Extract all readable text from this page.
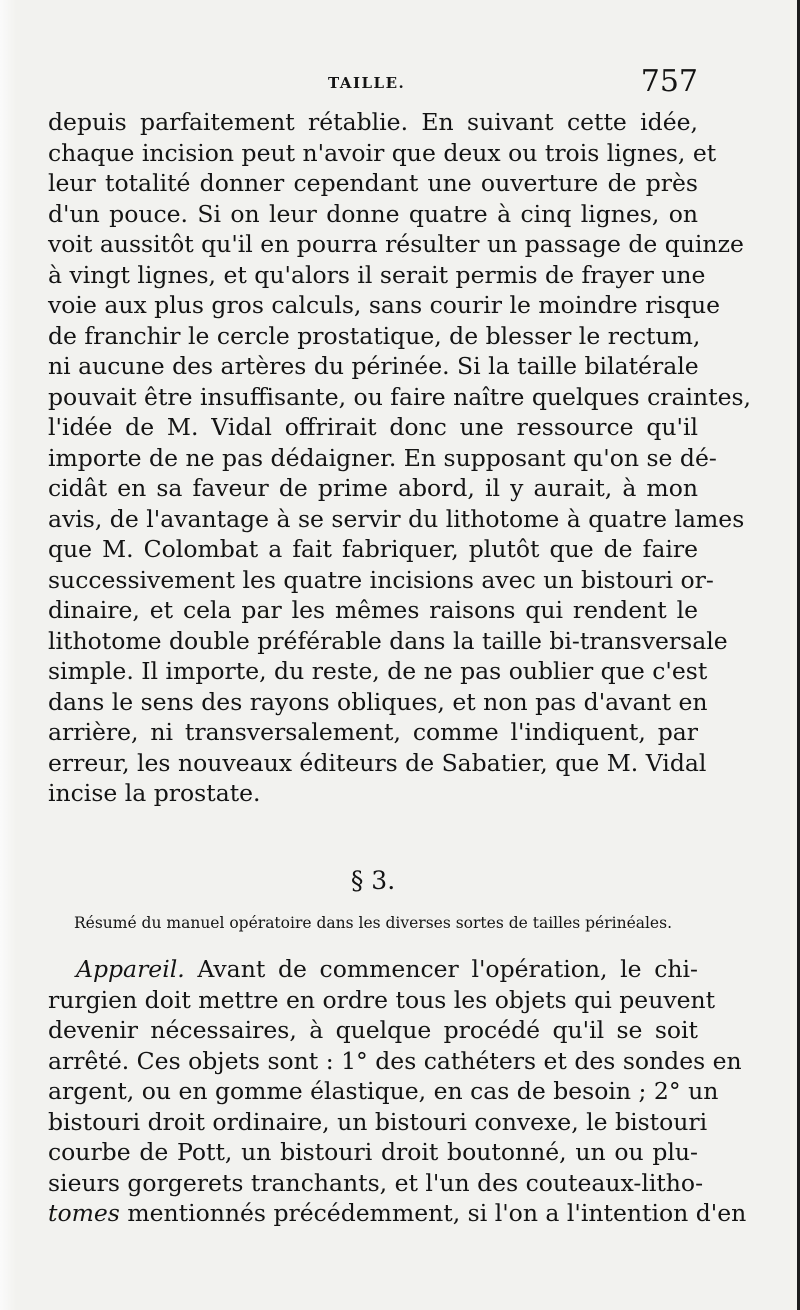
TAILLE.	757
depuis parfaitement rétablie. En suivant cette idée,
chaque incision peut n'avoir que deux ou trois lignes, et
leur totalité donner cependant une ouverture de près
d'un pouce. Si on leur donne quatre à cinq lignes, on
voit aussitôt qu'il en pourra résulter un passage de quinze
à vingt lignes, et qu'alors il serait permis de frayer une
voie aux plus gros calculs, sans courir le moindre risque
de franchir le cercle prostatique, de blesser le rectum,
ni aucune des artères du périnée. Si la taille bilatérale
pouvait être insuffisante, ou faire naître quelques craintes,
l'idée de M. Vidal offrirait donc une ressource qu'il
importe de ne pas dédaigner. En supposant qu'on se dé-
cidât en sa faveur de prime abord, il y aurait, à mon
avis, de l'avantage à se servir du lithotome à quatre lames
que M. Colombat a fait fabriquer, plutôt que de faire
successivement les quatre incisions avec un bistouri or-
dinaire, et cela par les mêmes raisons qui rendent le
lithotome double préférable dans la taille bi-transversale
simple. Il importe, du reste, de ne pas oublier que c'est
dans le sens des rayons obliques, et non pas d'avant en
arrière, ni transversalement, comme l'indiquent, par
erreur, les nouveaux éditeurs de Sabatier, que M. Vidal
incise la prostate.
§ 3.
Résumé du manuel opératoire dans les diverses sortes de tailles périnéales.
Appareil. Avant de commencer l'opération, le chi-
rurgien doit mettre en ordre tous les objets qui peuvent
devenir nécessaires, à quelque procédé qu'il se soit
arrêté. Ces objets sont : 1° des cathéters et des sondes en
argent, ou en gomme élastique, en cas de besoin ; 2° un
bistouri droit ordinaire, un bistouri convexe, le bistouri
courbe de Pott, un bistouri droit boutonné, un ou plu-
sieurs gorgerets tranchants, et l'un des couteaux-litho-
tomes mentionnés précédemment, si l'on a l'intention d'en
